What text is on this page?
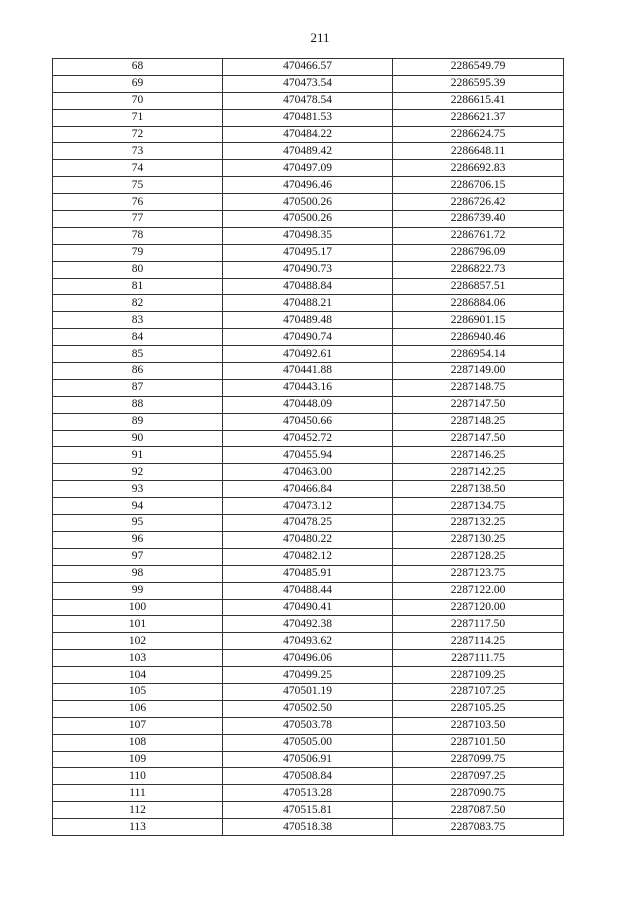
211
68	470466.57	2286549.79
69	470473.54	2286595.39
70	470478.54	2286615.41
71	470481.53	2286621.37
72	470484.22	2286624.75
73	470489.42	2286648.11
74	470497.09	2286692.83
75	470496.46	2286706.15
76	470500.26	2286726.42
77	470500.26	2286739.40
78	470498.35	2286761.72
79	470495.17	2286796.09
80	470490.73	2286822.73
81	470488.84	2286857.51
82	470488.21	2286884.06
83	470489.48	2286901.15
84	470490.74	2286940.46
85	470492.61	2286954.14
86	470441.88	2287149.00
87	470443.16	2287148.75
88	470448.09	2287147.50
89	470450.66	2287148.25
90	470452.72	2287147.50
91	470455.94	2287146.25
92	470463.00	2287142.25
93	470466.84	2287138.50
94	470473.12	2287134.75
95	470478.25	2287132.25
96	470480.22	2287130.25
97	470482.12	2287128.25
98	470485.91	2287123.75
99	470488.44	2287122.00
100	470490.41	2287120.00
101	470492.38	2287117.50
102	470493.62	2287114.25
103	470496.06	2287111.75
104	470499.25	2287109.25
105	470501.19	2287107.25
106	470502.50	2287105.25
107	470503.78	2287103.50
108	470505.00	2287101.50
109	470506.91	2287099.75
110	470508.84	2287097.25
111	470513.28	2287090.75
112	470515.81	2287087.50
113	470518.38	2287083.75
